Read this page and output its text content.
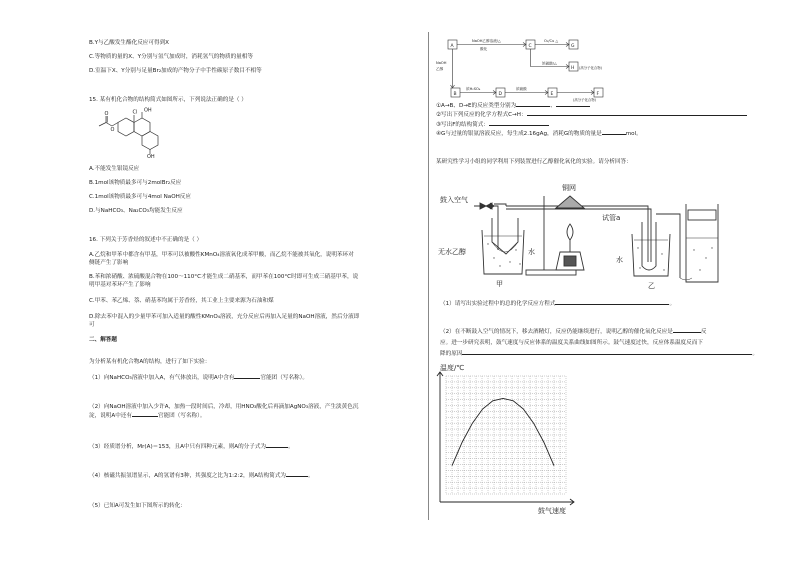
B.Y与乙酸发生酯化反应可得到X
C.等物质的量的X、Y分别与氢气加成时，消耗氢气的物质的量相等
D.室温下X、Y分别与足量Br₂加成的产物分子中手性碳原子数目不相等
15. 某有机化合物的结构简式如图所示，下列说法正确的是（ ）
Cl OH
OH
O
O
A.不能发生银镜反应
B.1mol该物质最多可与2molBr₂反应
C.1mol该物质最多可与4mol NaOH反应
D.与NaHCO₃、Na₂CO₃均能发生反应
16. 下列关于芳香烃的叙述中不正确的是（ ）
A.乙烷和甲苯中都含有甲基，甲苯可以被酸性KMnO₄溶液氧化成苯甲酸，而乙烷不能被其氧化，说明苯环对
侧链产生了影响
B.苯和浓硝酸、浓硫酸混合物在100～110°C才能生成二硝基苯，而甲苯在100°C时即可生成三硝基甲苯，说
明甲基对苯环产生了影响
C.甲苯、苯乙烯、萘、硝基苯均属于芳香烃，其工业上主要来源为石油和煤
D.除去苯中混入的少量甲苯可加入适量的酸性KMnO₄溶液，充分反应后再加入足量的NaOH溶液，然后分液即
可
二、解答题
为分析某有机化合物A的结构，进行了如下实验：
（1）向NaHCO₃溶液中加入A，有气体放出，说明A中含有	官能团（写名称）。
（2）向NaOH溶液中加入少许A，加热一段时间后，冷却，用HNO₃酸化后再滴加AgNO₃溶液，产生淡黄色沉
淀，说明A中还有	官能团（写名称）。
（3）经质谱分析，Mr(A)＝153，且A中只有四种元素，则A的分子式为	。
（4）核磁共振氢谱显示，A的氢谱有3种，其强度之比为1:2:2，则A结构简式为	。
（5）已知A可发生如下图所示的转化：
A	C	G
H
B	D	E	F
NaOH乙醇溶液/△
酸化
O₂/Cu △
浓硫酸/△
(高分子化合物)
NaOH
乙醇
浓H₂SO₄	浓硫酸
(高分子化合物)
①A→B、D→E的反应类型分别为	、
②写出下列反应的化学方程式C→H：
③写出F的结构简式：
④G与过量的银氨溶液反应，每生成2.16gAg，消耗G的物质的量是	mol。
某研究性学习小组的同学利用下列装置进行乙醇催化氧化的实验。请分析回答：
鼓入空气
铜网
试管a
无水乙醇	水
水
甲	乙
（1）请写出实验过程中的总的化学反应方程式	。
（2）在不断鼓入空气的情况下，移去酒精灯，反应仍能继续进行，说明乙醇的催化氧化反应是	反
应。进一步研究表明，鼓气速度与反应体系的温度关系曲线如图所示。鼓气速度过快，反应体系温度反而下
降的原因	。
温度/℃
鼓气速度
